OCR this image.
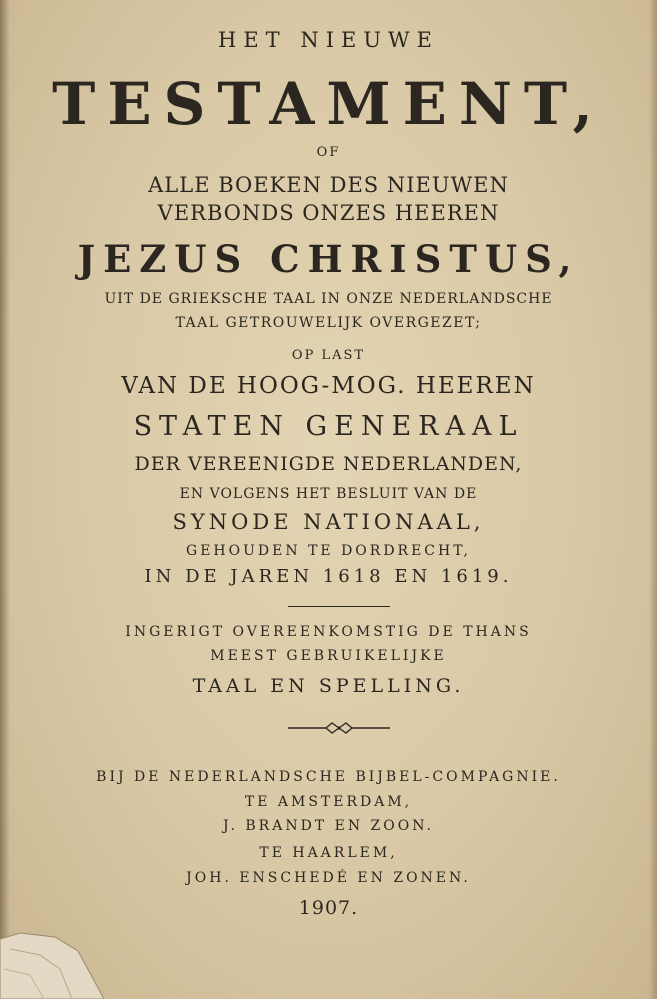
HET NIEUWE
TESTAMENT,
OF
ALLE BOEKEN DES NIEUWEN
VERBONDS ONZES HEEREN
JEZUS CHRISTUS,
UIT DE GRIEKSCHE TAAL IN ONZE NEDERLANDSCHE
TAAL GETROUWELIJK OVERGEZET;
OP LAST
VAN DE HOOG-MOG. HEEREN
STATEN GENERAAL
DER VEREENIGDE NEDERLANDEN,
EN VOLGENS HET BESLUIT VAN DE
SYNODE NATIONAAL,
GEHOUDEN TE DORDRECHT,
IN DE JAREN 1618 EN 1619.
INGERIGT OVEREENKOMSTIG DE THANS
MEEST GEBRUIKELIJKE
TAAL EN SPELLING.
BIJ DE NEDERLANDSCHE BIJBEL-COMPAGNIE.
TE AMSTERDAM,
J. BRANDT EN ZOON.
TE HAARLEM,
JOH. ENSCHEDÉ EN ZONEN.
1907.
